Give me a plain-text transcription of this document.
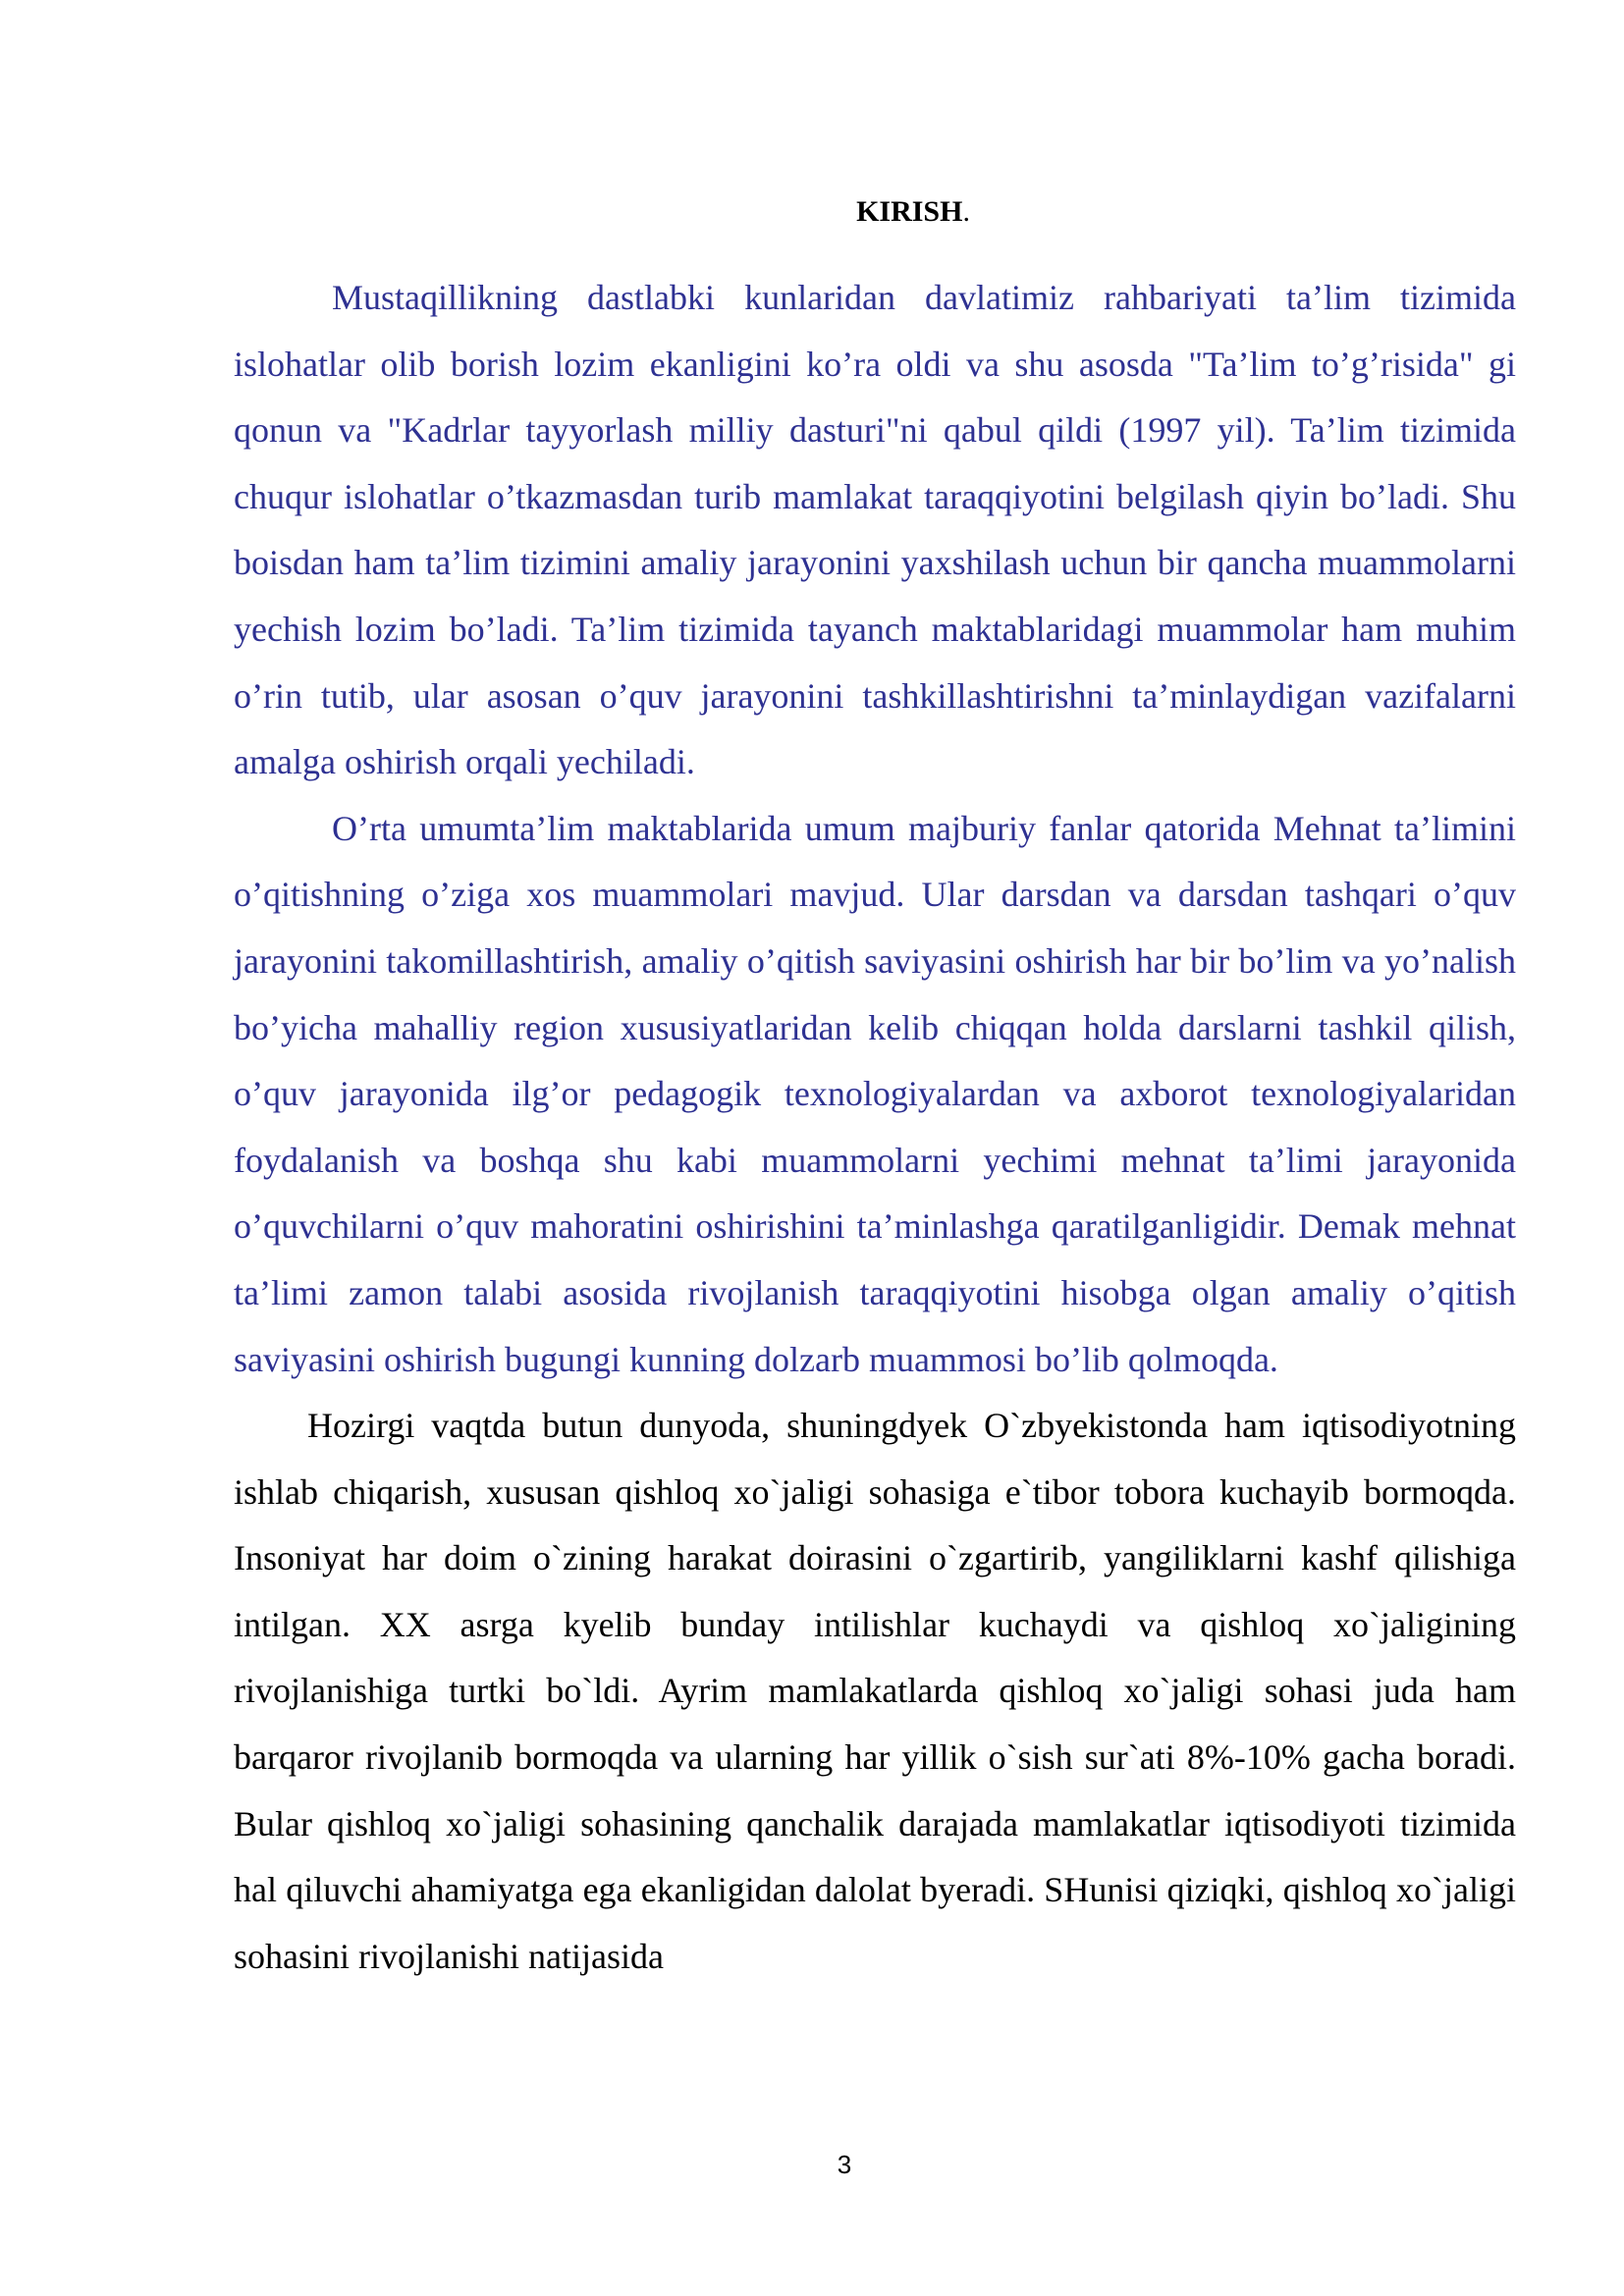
KIRISH.

Mustaqillikning dastlabki kunlaridan davlatimiz rahbariyati ta’lim tizimida islohatlar olib borish lozim ekanligini ko’ra oldi va shu asosda "Ta’lim to’g’risida" gi qonun va "Kadrlar tayyorlash milliy dasturi"ni qabul qildi (1997 yil). Ta’lim tizimida chuqur islohatlar o’tkazmasdan turib mamlakat taraqqiyotini belgilash qiyin bo’ladi. Shu boisdan ham ta’lim tizimini amaliy jarayonini yaxshilash uchun bir qancha muammolarni yechish lozim bo’ladi. Ta’lim tizimida tayanch maktablaridagi muammolar ham muhim o’rin tutib, ular asosan o’quv jarayonini tashkillashtirishni ta’minlaydigan vazifalarni amalga oshirish orqali yechiladi.

O’rta umumta’lim maktablarida umum majburiy fanlar qatorida Mehnat ta’limini o’qitishning o’ziga xos muammolari mavjud. Ular darsdan va darsdan tashqari o’quv jarayonini takomillashtirish, amaliy o’qitish saviyasini oshirish har bir bo’lim va yo’nalish bo’yicha mahalliy region xususiyatlaridan kelib chiqqan holda darslarni tashkil qilish, o’quv jarayonida ilg’or pedagogik texnologiyalardan va axborot texnologiyalaridan foydalanish va boshqa shu kabi muammolarni yechimi mehnat ta’limi jarayonida o’quvchilarni o’quv mahoratini oshirishini ta’minlashga qaratilganligidir. Demak mehnat ta’limi zamon talabi asosida rivojlanish taraqqiyotini hisobga olgan amaliy o’qitish saviyasini oshirish bugungi kunning dolzarb muammosi bo’lib qolmoqda.

Hozirgi vaqtda butun dunyoda, shuningdyek O`zbyekistonda ham iqtisodiyotning ishlab chiqarish, xususan qishloq xo`jaligi sohasiga e`tibor tobora kuchayib bormoqda. Insoniyat har doim o`zining harakat doirasini o`zgartirib, yangiliklarni kashf qilishiga intilgan. XX asrga kyelib bunday intilishlar kuchaydi va qishloq xo`jaligining rivojlanishiga turtki bo`ldi. Ayrim mamlakatlarda qishloq xo`jaligi sohasi juda ham barqaror rivojlanib bormoqda va ularning har yillik o`sish sur`ati 8%-10% gacha boradi. Bular qishloq xo`jaligi sohasining qanchalik darajada mamlakatlar iqtisodiyoti tizimida hal qiluvchi ahamiyatga ega ekanligidan dalolat byeradi. SHunisi qiziqki, qishloq xo`jaligi sohasini rivojlanishi natijasida

3
